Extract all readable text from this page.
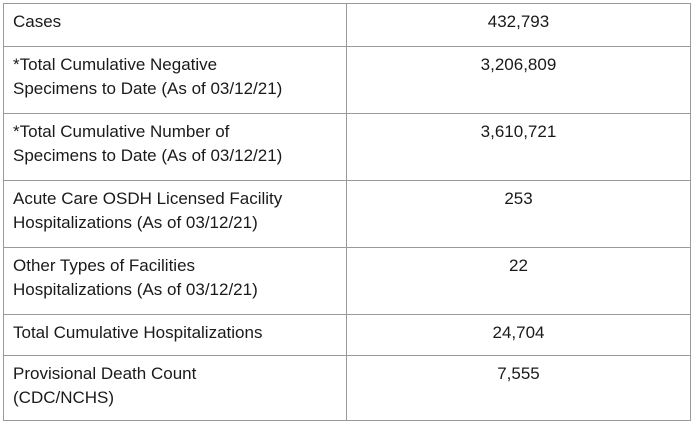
Cases	432,793

*Total Cumulative Negative
Specimens to Date (As of 03/12/21)	3,206,809

*Total Cumulative Number of
Specimens to Date (As of 03/12/21)	3,610,721

Acute Care OSDH Licensed Facility
Hospitalizations (As of 03/12/21)	253

Other Types of Facilities
Hospitalizations (As of 03/12/21)	22

Total Cumulative Hospitalizations	24,704

Provisional Death Count
(CDC/NCHS)	7,555
